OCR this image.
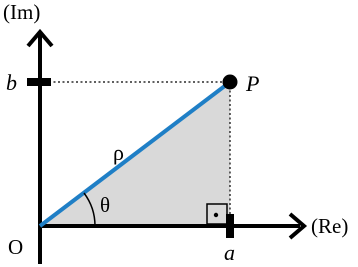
(Im)
(Re)
O	a
b	P
ρ
θ
